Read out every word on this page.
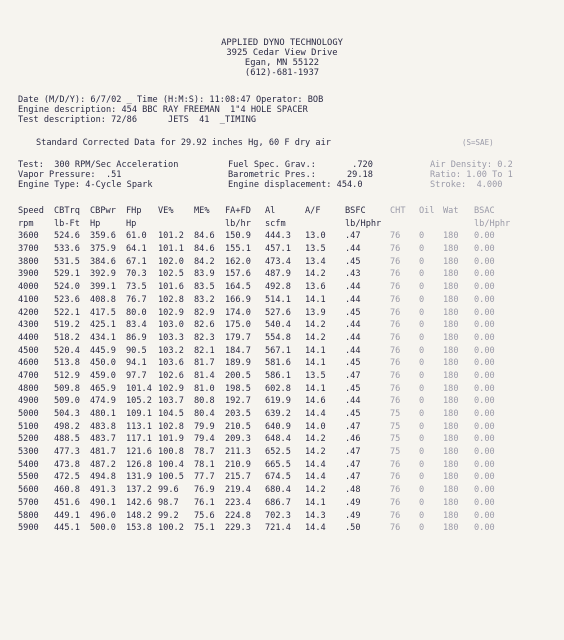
APPLIED DYNO TECHNOLOGY
3925 Cedar View Drive
Egan, MN 55122
(612)-681-1937
Date (M/D/Y): 6/7/02 _ Time (H:M:S): 11:08:47 Operator: BOB
Engine description: 454 BBC RAY FREEMAN  1"4 HOLE SPACER
Test description: 72/86      JETS  41  _TIMING
Standard Corrected Data for 29.92 inches Hg, 60 F dry air	(S=SAE)
Test:  300 RPM/Sec Acceleration	Fuel Spec. Grav.:       .720	Air Density: 0.2
Vapor Pressure:  .51	Barometric Pres.:      29.18	Ratio: 1.00 To 1
Engine Type: 4-Cycle Spark	Engine displacement: 454.0	Stroke:  4.000
Speed CBTrq CBPwr FHp VE% ME% FA+FD Al	A/F	BSFC	CHT Oil Wat BSAC
rpm lb-Ft Hp	Hp	lb/hr scfm	lb/Hphr	lb/Hphr
3600 524.6 359.6 61.0 101.2 84.6 150.9 444.3 13.0 .47	76 0 180 0.00
3700 533.6 375.9 64.1 101.1 84.6 155.1 457.1 13.5 .44	76 0 180 0.00
3800 531.5 384.6 67.1 102.0 84.2 162.0 473.4 13.4 .45	76 0 180 0.00
3900 529.1 392.9 70.3 102.5 83.9 157.6 487.9 14.2 .43	76 0 180 0.00
4000 524.0 399.1 73.5 101.6 83.5 164.5 492.8 13.6 .44	76 0 180 0.00
4100 523.6 408.8 76.7 102.8 83.2 166.9 514.1 14.1 .44	76 0 180 0.00
4200 522.1 417.5 80.0 102.9 82.9 174.0 527.6 13.9 .45	76 0 180 0.00
4300 519.2 425.1 83.4 103.0 82.6 175.0 540.4 14.2 .44	76 0 180 0.00
4400 518.2 434.1 86.9 103.3 82.3 179.7 554.8 14.2 .44	76 0 180 0.00
4500 520.4 445.9 90.5 103.2 82.1 184.7 567.1 14.1 .44	76 0 180 0.00
4600 513.8 450.0 94.1 103.6 81.7 189.9 581.6 14.1 .45	76 0 180 0.00
4700 512.9 459.0 97.7 102.6 81.4 200.5 586.1 13.5 .47	76 0 180 0.00
4800 509.8 465.9 101.4 102.9 81.0 198.5 602.8 14.1 .45	76 0 180 0.00
4900 509.0 474.9 105.2 103.7 80.8 192.7 619.9 14.6 .44	76 0 180 0.00
5000 504.3 480.1 109.1 104.5 80.4 203.5 639.2 14.4 .45	75 0 180 0.00
5100 498.2 483.8 113.1 102.8 79.9 210.5 640.9 14.0 .47	75 0 180 0.00
5200 488.5 483.7 117.1 101.9 79.4 209.3 648.4 14.2 .46	75 0 180 0.00
5300 477.3 481.7 121.6 100.8 78.7 211.3 652.5 14.2 .47	75 0 180 0.00
5400 473.8 487.2 126.8 100.4 78.1 210.9 665.5 14.4 .47	76 0 180 0.00
5500 472.5 494.8 131.9 100.5 77.7 215.7 674.5 14.4 .47	76 0 180 0.00
5600 460.8 491.3 137.2 99.6 76.9 219.4 680.4 14.2 .48	76 0 180 0.00
5700 451.6 490.1 142.6 98.7 76.1 223.4 686.7 14.1 .49	76 0 180 0.00
5800 449.1 496.0 148.2 99.2 75.6 224.8 702.3 14.3 .49	76 0 180 0.00
5900 445.1 500.0 153.8 100.2 75.1 229.3 721.4 14.4 .50	76 0 180 0.00
